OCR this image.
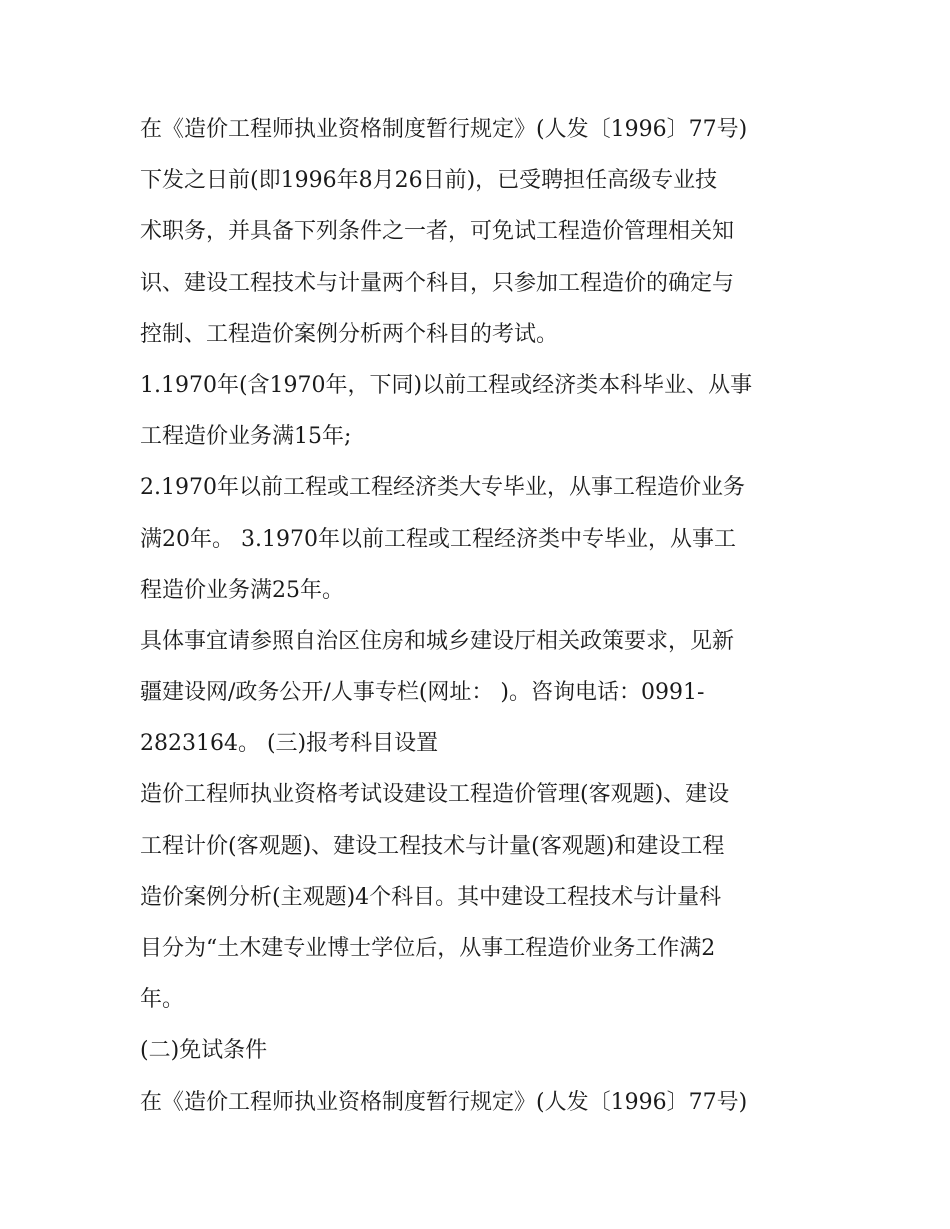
在《造价工程师执业资格制度暂行规定》(人发〔1996〕77号)
下发之日前(即1996年8月26日前)，已受聘担任高级专业技
术职务，并具备下列条件之一者，可免试工程造价管理相关知
识、建设工程技术与计量两个科目，只参加工程造价的确定与
控制、工程造价案例分析两个科目的考试。
1.1970年(含1970年，下同)以前工程或经济类本科毕业、从事
工程造价业务满15年;
2.1970年以前工程或工程经济类大专毕业，从事工程造价业务
满20年。 3.1970年以前工程或工程经济类中专毕业，从事工
程造价业务满25年。
具体事宜请参照自治区住房和城乡建设厅相关政策要求，见新
疆建设网/政务公开/人事专栏(网址： )。咨询电话：0991-
2823164。 (三)报考科目设置
造价工程师执业资格考试设建设工程造价管理(客观题)、建设
工程计价(客观题)、建设工程技术与计量(客观题)和建设工程
造价案例分析(主观题)4个科目。其中建设工程技术与计量科
目分为“土木建专业博士学位后，从事工程造价业务工作满2
年。
(二)免试条件
在《造价工程师执业资格制度暂行规定》(人发〔1996〕77号)
